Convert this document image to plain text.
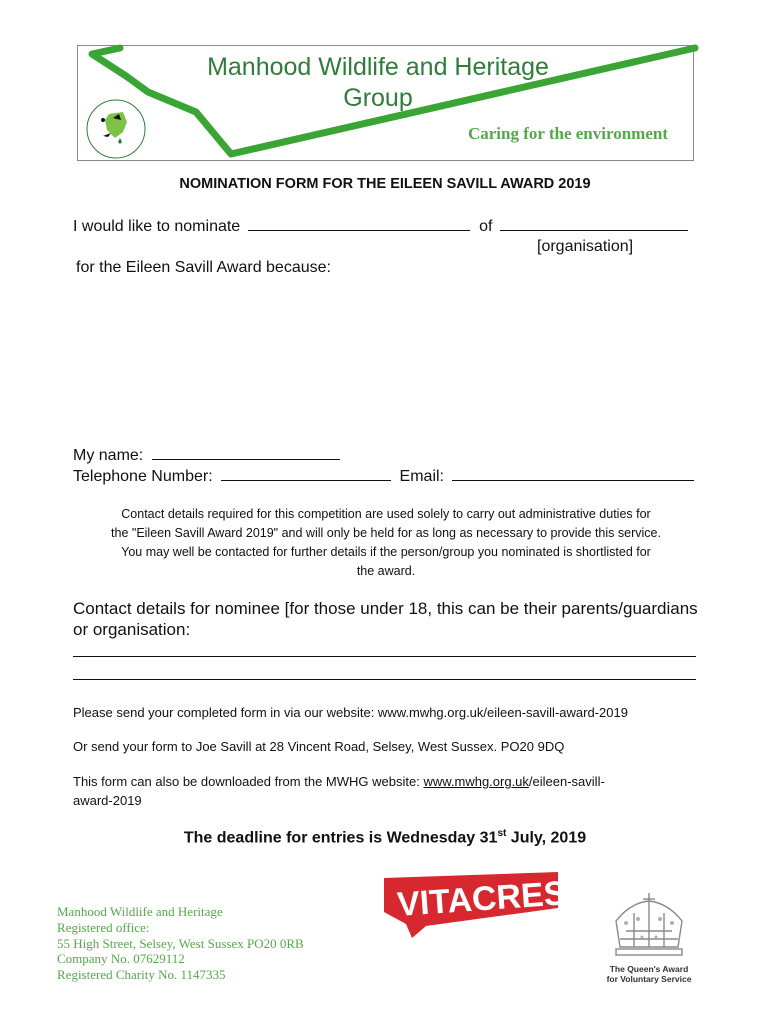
Manhood Wildlife and Heritage
Group
Caring for the environment
NOMINATION FORM FOR THE EILEEN SAVILL AWARD 2019
I would like to nominate	of
[organisation]
for the Eileen Savill Award because:
My name:
Telephone Number:	Email:
Contact details required for this competition are used solely to carry out administrative duties for
the "Eileen Savill Award 2019" and will only be held for as long as necessary to provide this service.
You may well be contacted for further details if the person/group you nominated is shortlisted for
the award.
Contact details for nominee [for those under 18, this can be their parents/guardians
or organisation:
Please send your completed form in via our website: www.mwhg.org.uk/eileen-savill-award-2019
Or send your form to Joe Savill at 28 Vincent Road, Selsey, West Sussex. PO20 9DQ
This form can also be downloaded from the MWHG website: www.mwhg.org.uk/eileen-savill-
award-2019
The deadline for entries is Wednesday 31st July, 2019
Manhood Wildlife and Heritage
Registered office:
55 High Street, Selsey, West Sussex PO20 0RB
Company No. 07629112
Registered Charity No. 1147335
VITACRESS
The Queen's Award
for Voluntary Service
